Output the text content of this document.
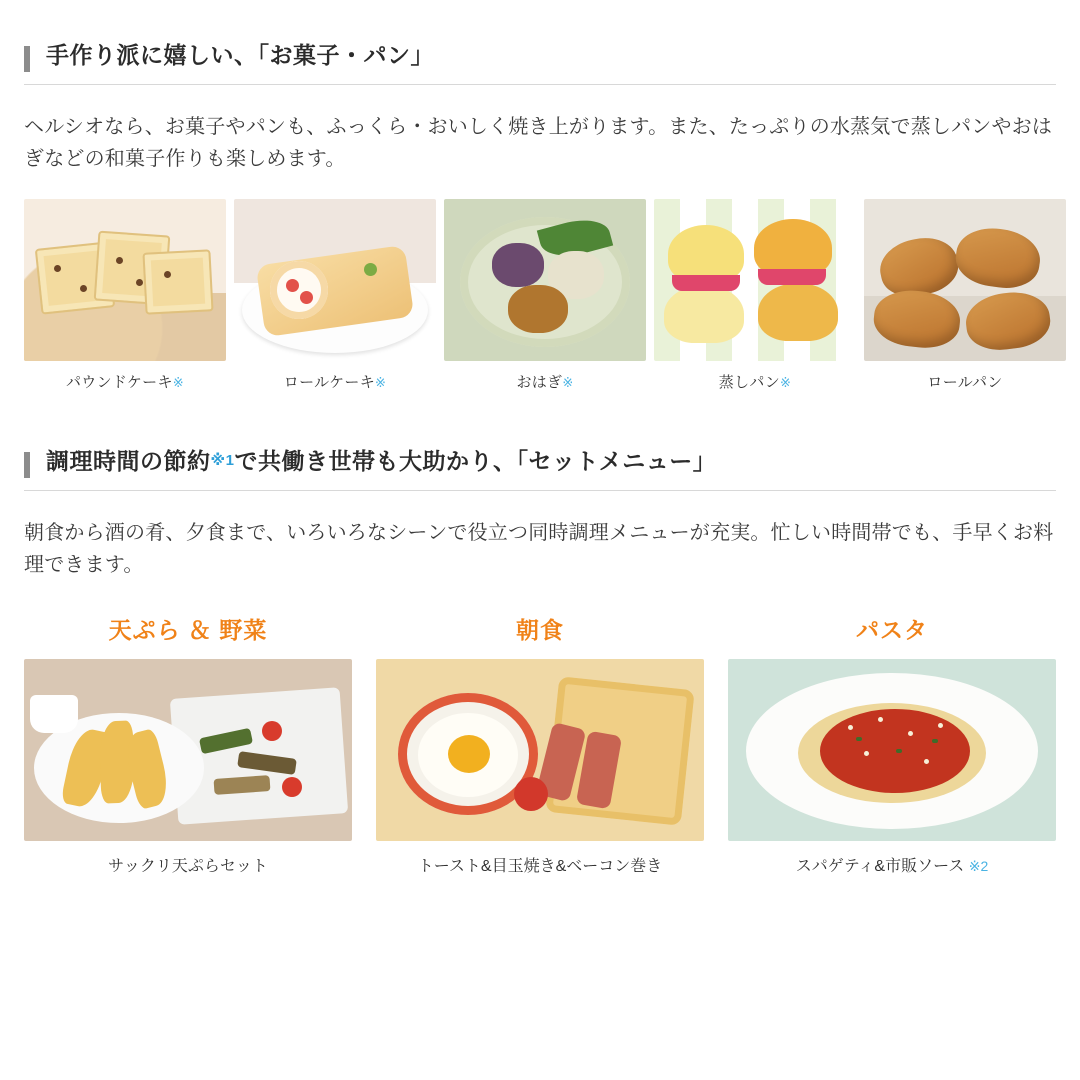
手作り派に嬉しい、「お菓子・パン」

ヘルシオなら、お菓子やパンも、ふっくら・おいしく焼き上がります。また、たっぷりの水蒸気で蒸しパンやおはぎなどの和菓子作りも楽しめます。

パウンドケーキ※	ロールケーキ※	おはぎ※	蒸しパン※	ロールパン
調理時間の節約※1で共働き世帯も大助かり、「セットメニュー」

朝食から酒の肴、夕食まで、いろいろなシーンで役立つ同時調理メニューが充実。忙しい時間帯でも、手早くお料理できます。

天ぷら ＆ 野菜
サックリ天ぷらセット
朝食
トースト&目玉焼き&ベーコン巻き
パスタ
スパゲティ&市販ソース ※2
